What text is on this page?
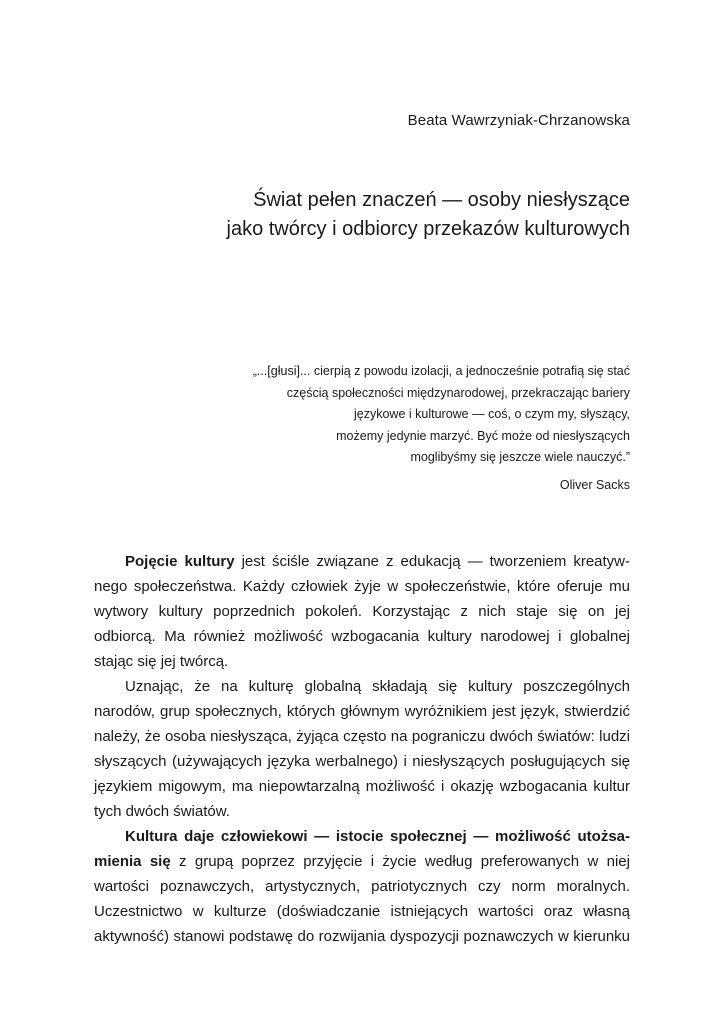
Beata Wawrzyniak-Chrzanowska
Świat pełen znaczeń — osoby niesłyszące
jako twórcy i odbiorcy przekazów kulturowych
„...[głusi]... cierpią z powodu izolacji, a jednocześnie potrafią się stać
częścią społeczności międzynarodowej, przekraczając bariery
językowe i kulturowe — coś, o czym my, słyszący,
możemy jedynie marzyć. Być może od niesłyszących
moglibyśmy się jeszcze wiele nauczyć.”
Oliver Sacks

Pojęcie kultury jest ściśle związane z edukacją — tworzeniem kreatyw-
nego społeczeństwa. Każdy człowiek żyje w społeczeństwie, które oferuje mu
wytwory kultury poprzednich pokoleń. Korzystając z nich staje się on jej
odbiorcą. Ma również możliwość wzbogacania kultury narodowej i globalnej
stając się jej twórcą.

Uznając, że na kulturę globalną składają się kultury poszczególnych
narodów, grup społecznych, których głównym wyróżnikiem jest język, stwierdzić
należy, że osoba niesłysząca, żyjąca często na pograniczu dwóch światów: ludzi
słyszących (używających języka werbalnego) i niesłyszących posługujących się
językiem migowym, ma niepowtarzalną możliwość i okazję wzbogacania kultur
tych dwóch światów.

Kultura daje człowiekowi — istocie społecznej — możliwość utożsa-
mienia się z grupą poprzez przyjęcie i życie według preferowanych w niej
wartości poznawczych, artystycznych, patriotycznych czy norm moralnych.
Uczestnictwo w kulturze (doświadczanie istniejących wartości oraz własną
aktywność) stanowi podstawę do rozwijania dyspozycji poznawczych w kierunku
